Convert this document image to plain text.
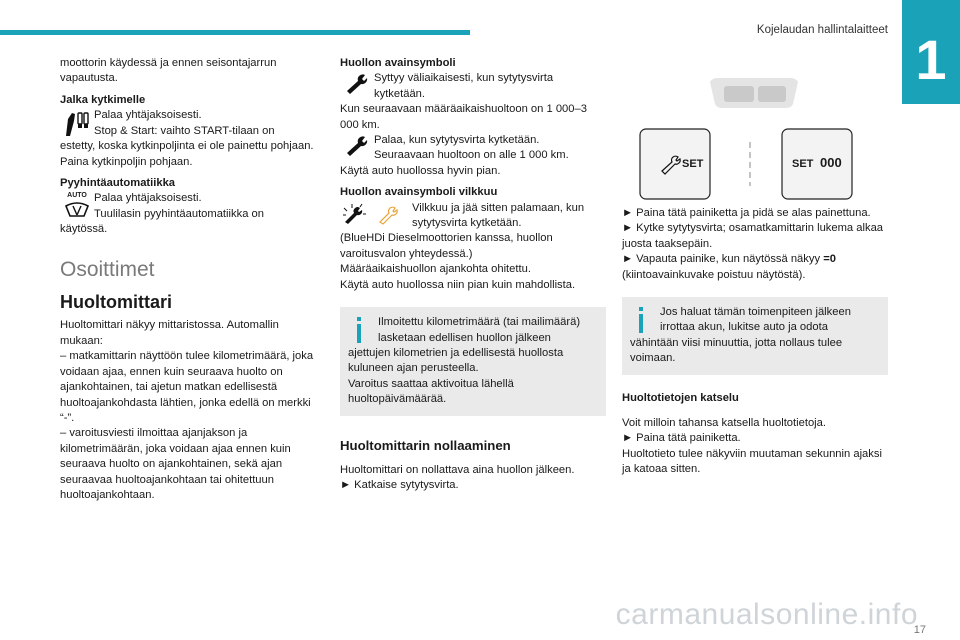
Kojelaudan hallintalaitteet 1

moottorin käydessä ja ennen seisontajarrun vapautusta.

Jalka kytkimelle
Palaa yhtäjaksoisesti.
Stop & Start: vaihto START-tilaan on
estetty, koska kytkinpoljinta ei ole painettu pohjaan.

Paina kytkinpoljin pohjaan.

Pyyhintäautomatiikka
AUTO Palaa yhtäjaksoisesti.
Tuulilasin pyyhintäautomatiikka on

käytössä.

Osoittimet
Huoltomittari
Huoltomittari näkyy mittaristossa. Automallin mukaan:
– matkamittarin näyttöön tulee kilometrimäärä, joka voidaan ajaa, ennen kuin seuraava huolto on ajankohtainen, tai ajetun matkan edellisestä huoltoajankohdasta lähtien, jonka edellä on merkki “-”.
– varoitusviesti ilmoittaa ajanjakson ja kilometrimäärän, joka voidaan ajaa ennen kuin seuraava huolto on ajankohtainen, sekä ajan seuraavaa huoltoajankohtaan tai ohitettuun huoltoajankohtaan.
Huollon avainsymboli
Syttyy väliaikaisesti, kun sytytysvirta
kytketään.
Kun seuraavaan määräaikaishuoltoon on 1 000–3 000 km.
Palaa, kun sytytysvirta kytketään.
Seuraavaan huoltoon on alle 1 000 km.

Käytä auto huollossa hyvin pian.

Huollon avainsymboli vilkkuu
Vilkkuu ja jää sitten palamaan, kun
sytytysvirta kytketään.
(BlueHDi Dieselmoottorien kanssa, huollon varoitusvalon yhteydessä.)
Määräaikaishuollon ajankohta ohitettu.
Käytä auto huollossa niin pian kuin mahdollista.
Ilmoitettu kilometrimäärä (tai mailimäärä)
lasketaan edellisen huollon jälkeen
ajettujen kilometrien ja edellisestä huollosta kuluneen ajan perusteella.
Varoitus saattaa aktivoitua lähellä huoltopäivämäärää.
Huoltomittarin nollaaminen
Huoltomittari on nollattava aina huollon jälkeen.
► Katkaise sytytysvirta.
SET	SET 000
► Paina tätä painiketta ja pidä se alas painettuna.
► Kytke sytytysvirta; osamatkamittarin lukema alkaa juosta taaksepäin.
► Vapauta painike, kun näytössä näkyy =0 (kiintoavainkuvake poistuu näytöstä).
Jos haluat tämän toimenpiteen jälkeen
irrottaa akun, lukitse auto ja odota vähintään viisi minuuttia, jotta nollaus tulee voimaan.
Huoltotietojen katselu
Voit milloin tahansa katsella huoltotietoja.
► Paina tätä painiketta.
Huoltotieto tulee näkyviin muutaman sekunnin ajaksi ja katoaa sitten.
carmanualsonline.info
17
